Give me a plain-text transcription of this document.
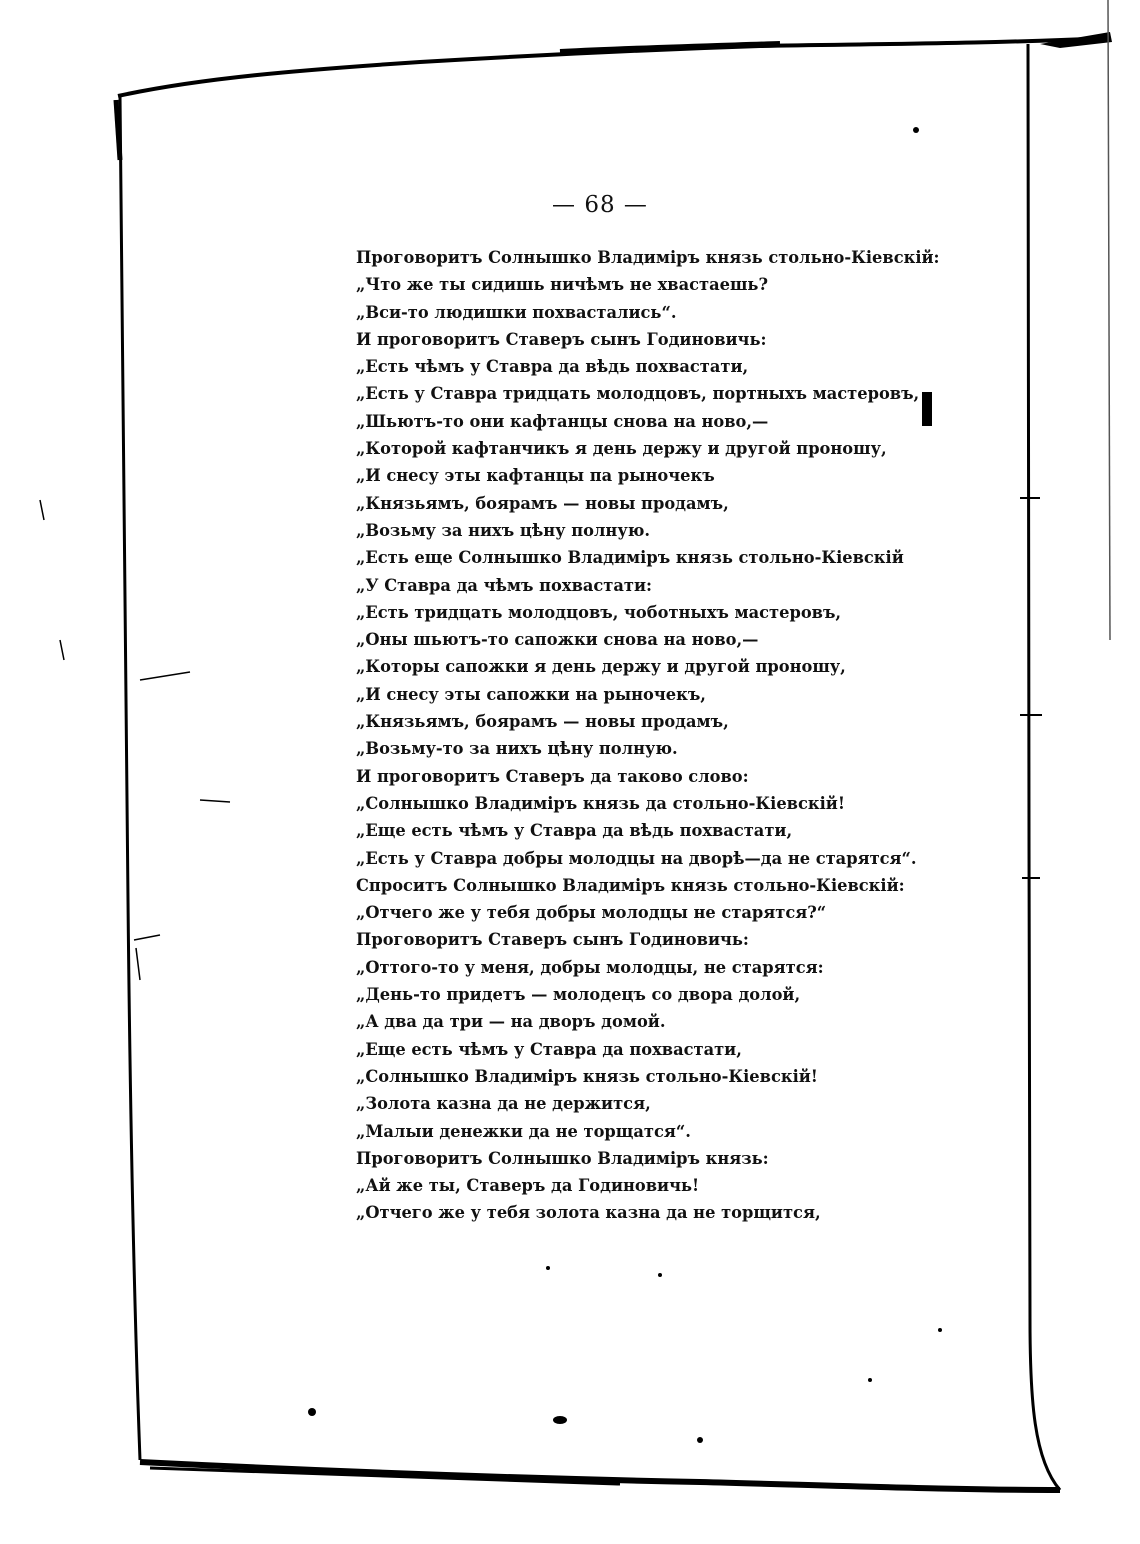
— 68 —
Проговоритъ Солнышко Владиміръ князь стольно-Кіевскій:
„Что же ты сидишь ничѣмъ не хвастаешь?
„Вси-то людишки похвастались“.
И проговоритъ Ставеръ сынъ Годиновичь:
„Есть чѣмъ у Ставра да вѣдь похвастати,
„Есть у Ставра тридцать молодцовъ, портныхъ мастеровъ,
„Шьютъ-то они кафтанцы снова на ново,—
„Которой кафтанчикъ я день держу и другой проношу,
„И снесу эты кафтанцы па рыночекъ
„Князьямъ, боярамъ — новы продамъ,
„Возьму за нихъ цѣну полную.
„Есть еще Солнышко Владиміръ князь стольно-Кіевскій
„У Ставра да чѣмъ похвастати:
„Есть тридцать молодцовъ, чоботныхъ мастеровъ,
„Оны шьютъ-то сапожки снова на ново,—
„Которы сапожки я день держу и другой проношу,
„И снесу эты сапожки на рыночекъ,
„Князьямъ, боярамъ — новы продамъ,
„Возьму-то за нихъ цѣну полную.
И проговоритъ Ставеръ да таково слово:
„Солнышко Владиміръ князь да стольно-Кіевскій!
„Еще есть чѣмъ у Ставра да вѣдь похвастати,
„Есть у Ставра добры молодцы на дворѣ—да не старятся“.
Спроситъ Солнышко Владиміръ князь стольно-Кіевскій:
„Отчего же у тебя добры молодцы не старятся?“
Проговоритъ Ставеръ сынъ Годиновичь:
„Оттого-то у меня, добры молодцы, не старятся:
„День-то придетъ — молодецъ со двора долой,
„А два да три — на дворъ домой.
„Еще есть чѣмъ у Ставра да похвастати,
„Солнышко Владиміръ князь стольно-Кіевскій!
„Золота казна да не держится,
„Малыи денежки да не торщатся“.
Проговоритъ Солнышко Владиміръ князь:
„Ай же ты, Ставеръ да Годиновичь!
„Отчего же у тебя золота казна да не торщится,
